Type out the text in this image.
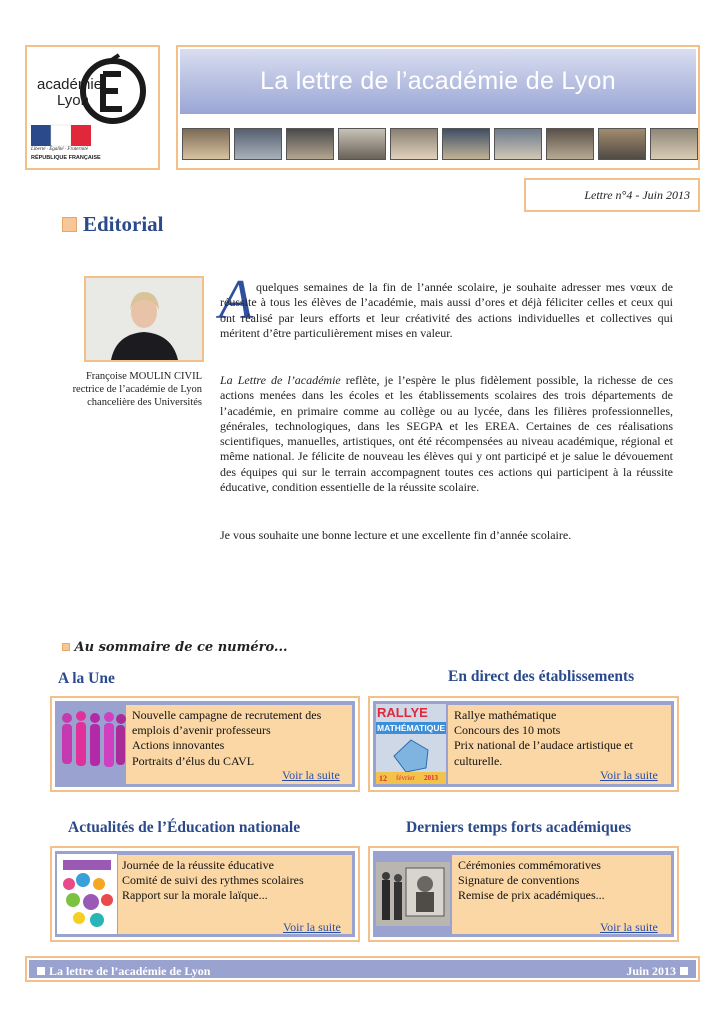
académie
Lyon
Liberté · Égalité · Fraternité
RÉPUBLIQUE FRANÇAISE
La lettre de l’académie de Lyon
Lettre n°4 - Juin 2013
Editorial
Françoise MOULIN CIVIL
rectrice de l’académie de Lyon
chancelière des Universités
A quelques semaines de la fin de l’année scolaire, je souhaite adresser mes vœux de réussite à tous les élèves de l’académie, mais aussi d’ores et déjà féliciter celles et ceux qui ont réalisé par leurs efforts et leur créativité des actions individuelles et collectives qui méritent d’être particulièrement mises en valeur.
La Lettre de l’académie reflète, je l’espère le plus fidèlement possible, la richesse de ces actions menées dans les écoles et les établissements scolaires des trois départements de l’académie, en primaire comme au collège ou au lycée, dans les filières professionnelles, générales, technologiques, dans les SEGPA et les EREA. Certaines de ces réalisations scientifiques, manuelles, artistiques, ont été récompensées au niveau académique, régional et même national. Je félicite de nouveau les élèves qui y ont participé et je salue le dévouement des équipes qui sur le terrain accompagnent toutes ces actions qui participent à la réussite éducative, condition essentielle de la réussite scolaire.
Je vous souhaite une bonne lecture et une excellente fin d’année scolaire.
Au sommaire de ce numéro...
A la Une
Nouvelle campagne de recrutement des emplois d’avenir professeurs
Actions innovantes
Portraits d’élus du CAVL
Voir la suite
En direct des établissements
RALLYE
MATHÉMATIQUE
12 février 2013
Rallye mathématique
Concours des 10 mots
Prix national de l’audace artistique et culturelle.
Voir la suite
Actualités de l’Éducation nationale
Journée de la réussite éducative
Comité de suivi des rythmes scolaires
Rapport sur la morale laïque...
Voir la suite
Derniers temps forts académiques
Cérémonies commémoratives
Signature de conventions
Remise de prix académiques...
Voir la suite
La lettre de l’académie de Lyon	Juin 2013
